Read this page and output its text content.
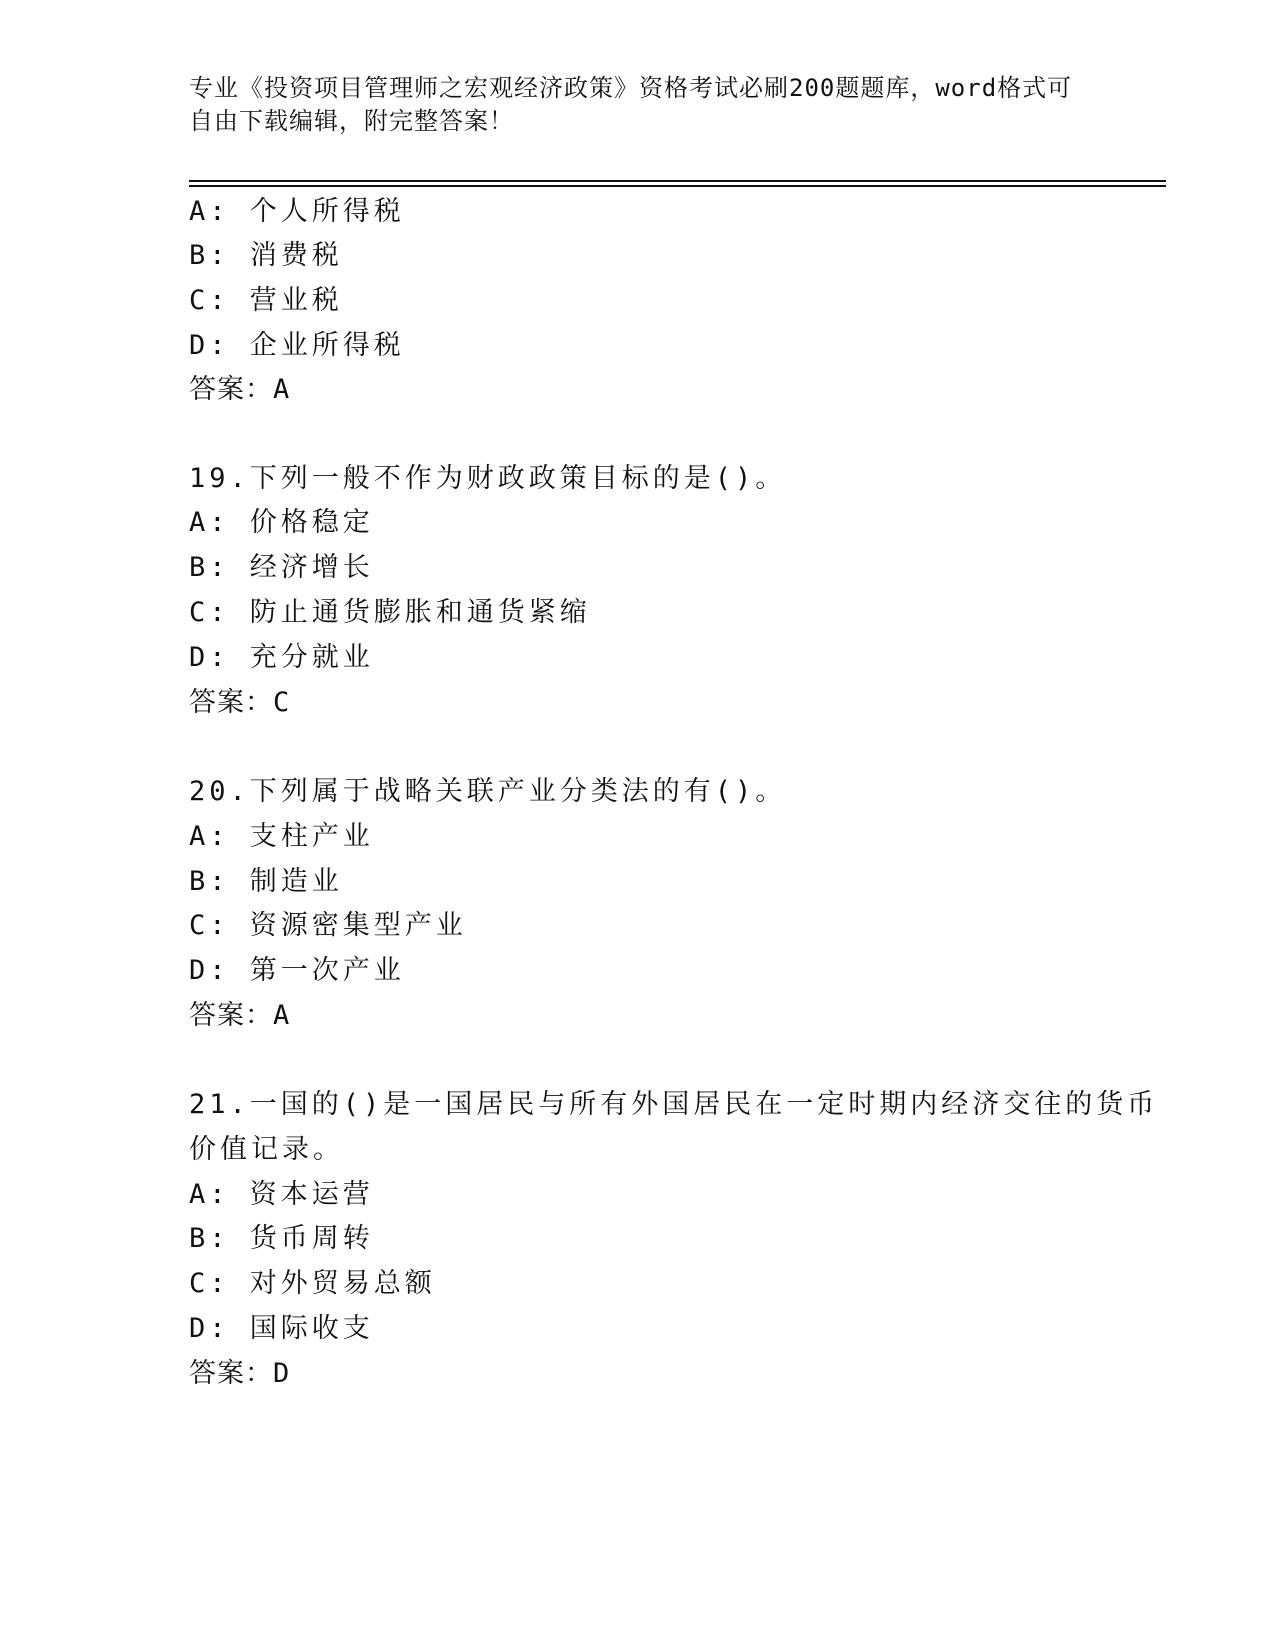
专业《投资项目管理师之宏观经济政策》资格考试必刷200题题库，word格式可
自由下载编辑，附完整答案！
A: 个人所得税
B: 消费税
C: 营业税
D: 企业所得税
答案：A
19.下列一般不作为财政政策目标的是()。
A: 价格稳定
B: 经济增长
C: 防止通货膨胀和通货紧缩
D: 充分就业
答案：C
20.下列属于战略关联产业分类法的有()。
A: 支柱产业
B: 制造业
C: 资源密集型产业
D: 第一次产业
答案：A
21.一国的()是一国居民与所有外国居民在一定时期内经济交往的货币
价值记录。
A: 资本运营
B: 货币周转
C: 对外贸易总额
D: 国际收支
答案：D
